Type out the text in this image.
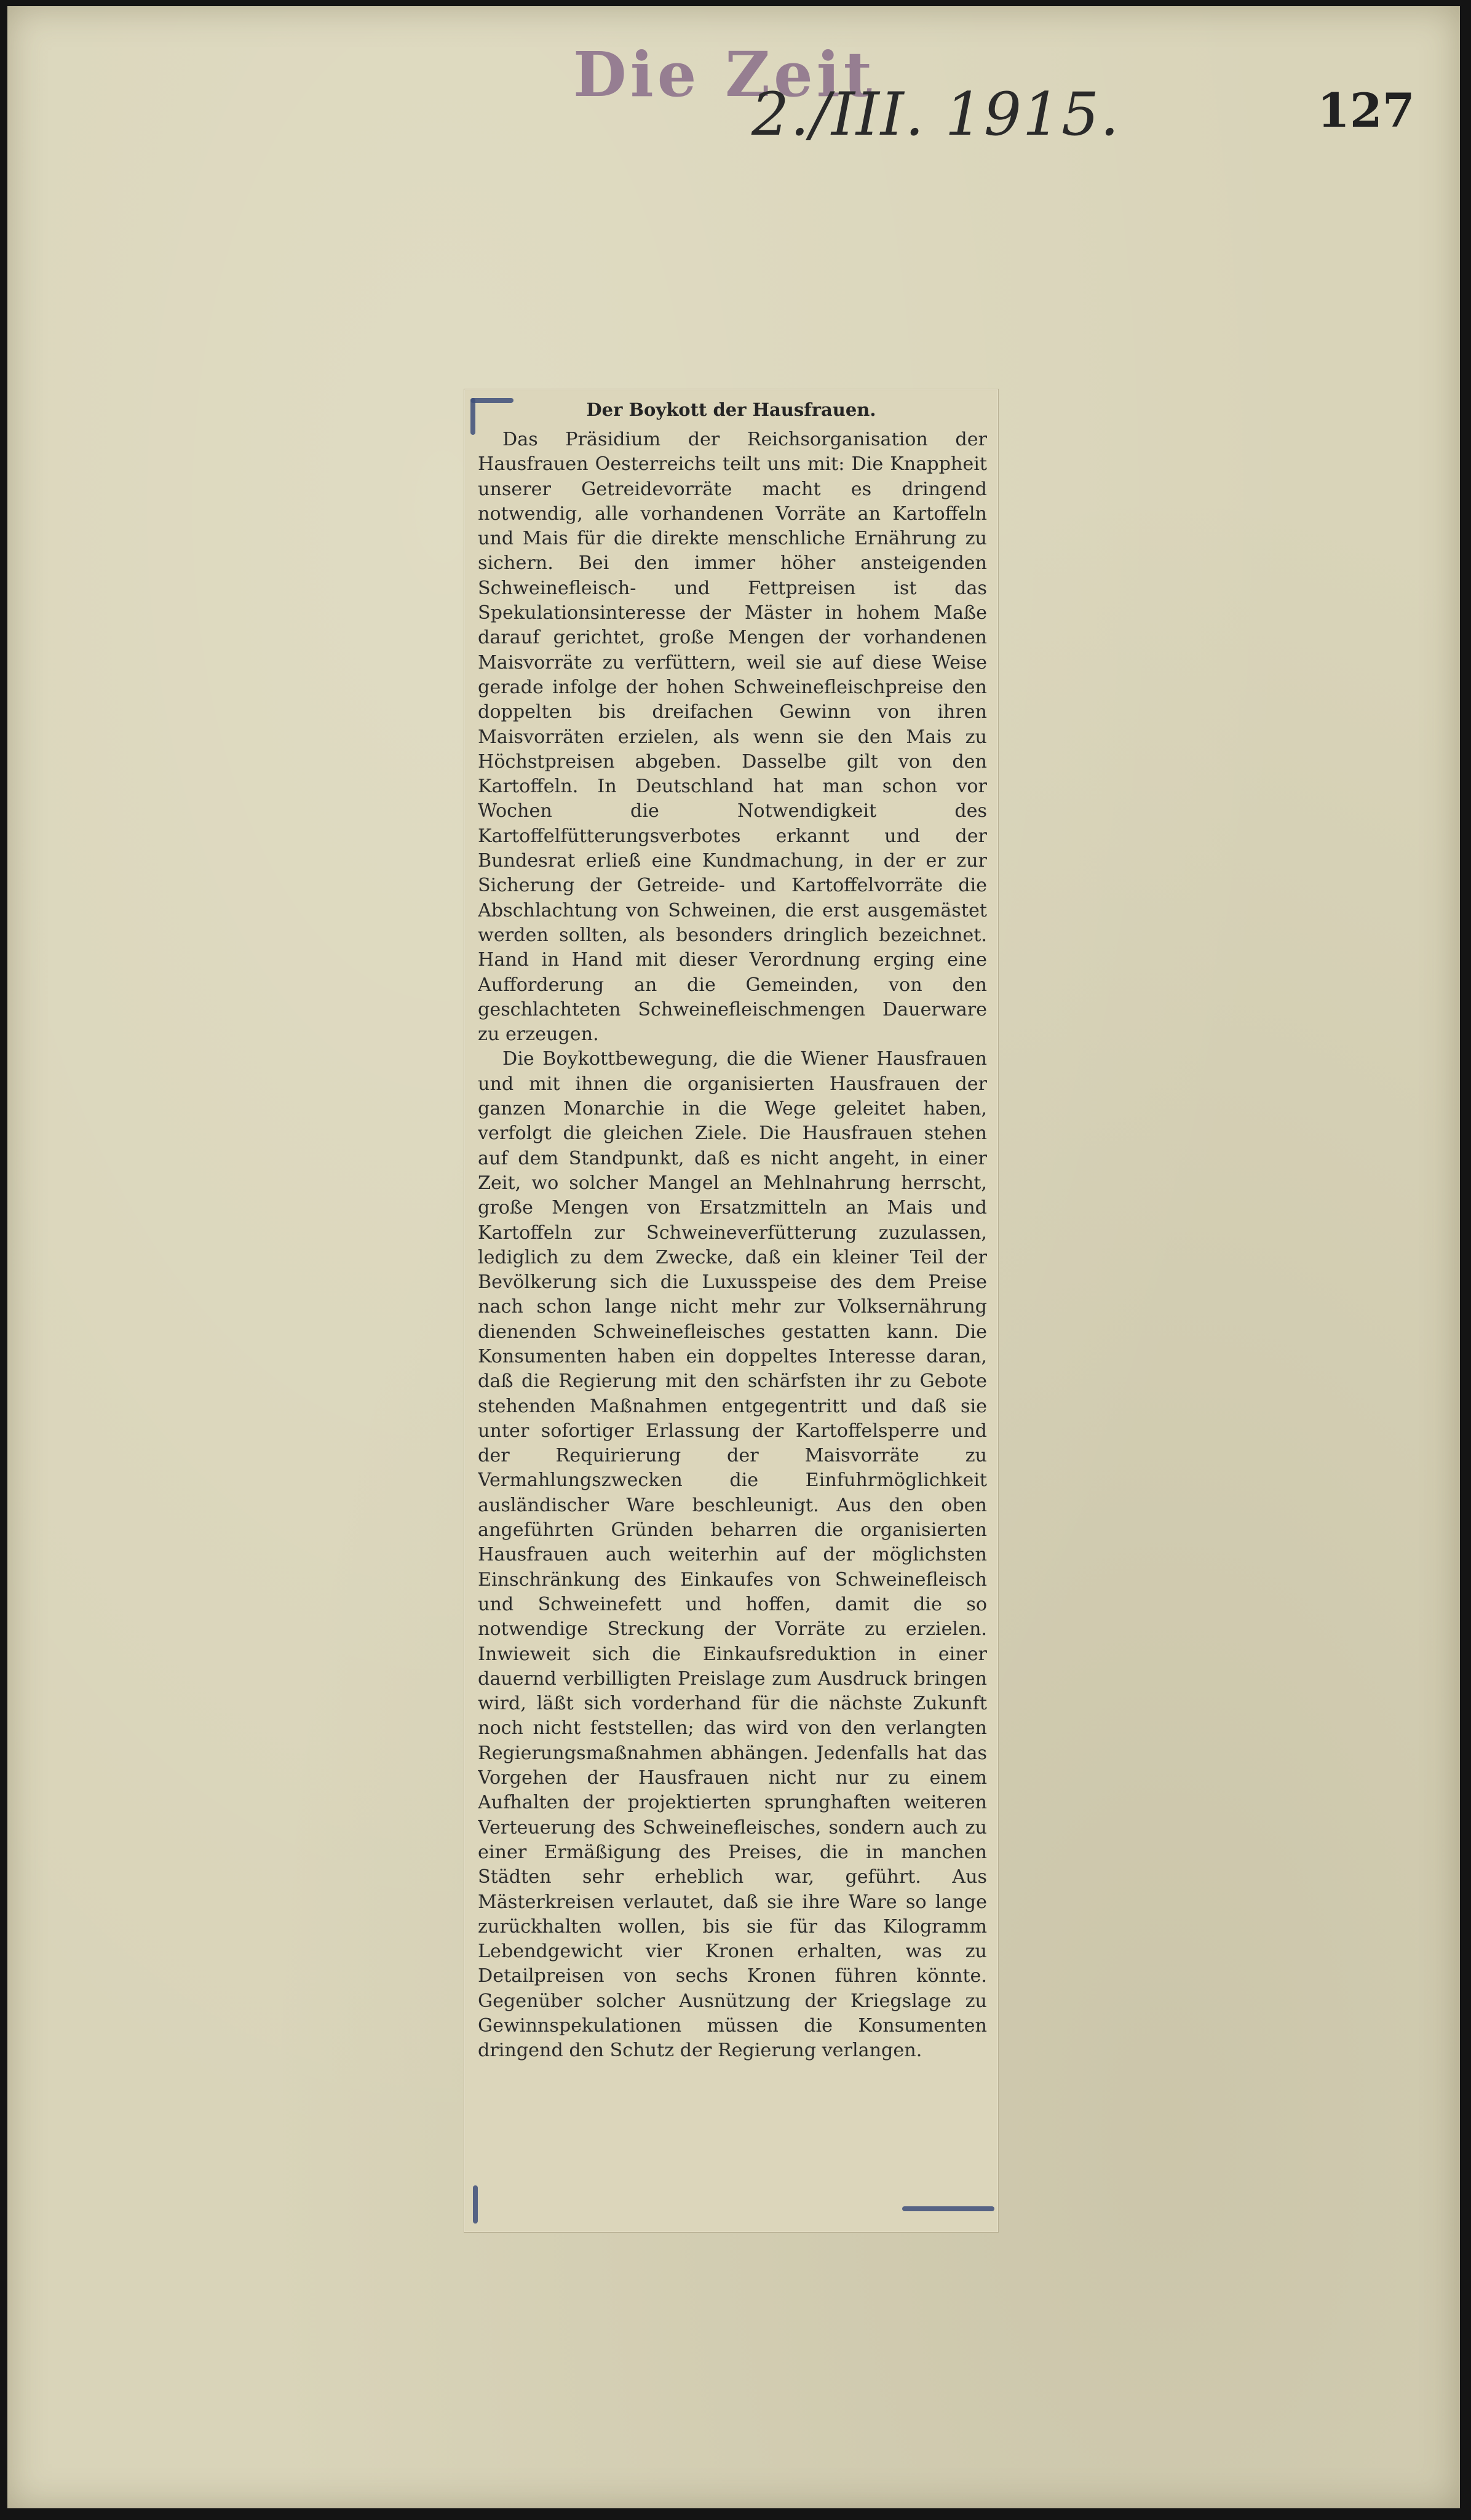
Die Zeit
2./III. 1915.	127
Der Boykott der Hausfrauen.

Das Präsidium der Reichsorganisation der Hausfrauen Oesterreichs teilt uns mit: Die Knappheit unserer Getreidevorräte macht es dringend notwendig, alle vorhandenen Vorräte an Kartoffeln und Mais für die direkte menschliche Ernährung zu sichern. Bei den immer höher ansteigenden Schweinefleisch- und Fettpreisen ist das Spekulationsinteresse der Mäster in hohem Maße darauf gerichtet, große Mengen der vorhandenen Maisvorräte zu verfüttern, weil sie auf diese Weise gerade infolge der hohen Schweinefleischpreise den doppelten bis dreifachen Gewinn von ihren Maisvorräten erzielen, als wenn sie den Mais zu Höchstpreisen abgeben. Dasselbe gilt von den Kartoffeln. In Deutschland hat man schon vor Wochen die Notwendigkeit des Kartoffelfütterungsverbotes erkannt und der Bundesrat erließ eine Kundmachung, in der er zur Sicherung der Getreide- und Kartoffelvorräte die Abschlachtung von Schweinen, die erst ausgemästet werden sollten, als besonders dringlich bezeichnet. Hand in Hand mit dieser Verordnung erging eine Aufforderung an die Gemeinden, von den geschlachteten Schweinefleischmengen Dauerware zu erzeugen.

Die Boykottbewegung, die die Wiener Hausfrauen und mit ihnen die organisierten Hausfrauen der ganzen Monarchie in die Wege geleitet haben, verfolgt die gleichen Ziele. Die Hausfrauen stehen auf dem Standpunkt, daß es nicht angeht, in einer Zeit, wo solcher Mangel an Mehlnahrung herrscht, große Mengen von Ersatzmitteln an Mais und Kartoffeln zur Schweineverfütterung zuzulassen, lediglich zu dem Zwecke, daß ein kleiner Teil der Bevölkerung sich die Luxusspeise des dem Preise nach schon lange nicht mehr zur Volksernährung dienenden Schweinefleisches gestatten kann. Die Konsumenten haben ein doppeltes Interesse daran, daß die Regierung mit den schärfsten ihr zu Gebote stehenden Maßnahmen entgegentritt und daß sie unter sofortiger Erlassung der Kartoffelsperre und der Requirierung der Maisvorräte zu Vermahlungszwecken die Einfuhrmöglichkeit ausländischer Ware beschleunigt. Aus den oben angeführten Gründen beharren die organisierten Hausfrauen auch weiterhin auf der möglichsten Einschränkung des Einkaufes von Schweinefleisch und Schweinefett und hoffen, damit die so notwendige Streckung der Vorräte zu erzielen. Inwieweit sich die Einkaufsreduktion in einer dauernd verbilligten Preislage zum Ausdruck bringen wird, läßt sich vorderhand für die nächste Zukunft noch nicht feststellen; das wird von den verlangten Regierungsmaßnahmen abhängen. Jedenfalls hat das Vorgehen der Hausfrauen nicht nur zu einem Aufhalten der projektierten sprunghaften weiteren Verteuerung des Schweinefleisches, sondern auch zu einer Ermäßigung des Preises, die in manchen Städten sehr erheblich war, geführt. Aus Mästerkreisen verlautet, daß sie ihre Ware so lange zurückhalten wollen, bis sie für das Kilogramm Lebendgewicht vier Kronen erhalten, was zu Detailpreisen von sechs Kronen führen könnte. Gegenüber solcher Ausnützung der Kriegslage zu Gewinnspekulationen müssen die Konsumenten dringend den Schutz der Regierung verlangen.
